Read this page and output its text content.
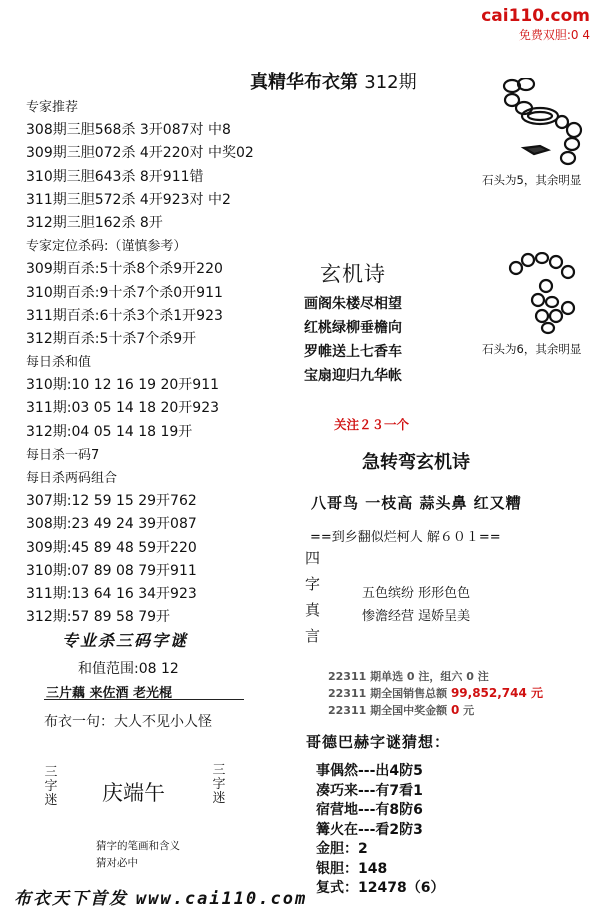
cai110.com
免费双胆:0 4
真精华布衣第 312期
专家推荐
308期三胆568杀 3开087对 中8
309期三胆072杀 4开220对 中奖02
310期三胆643杀 8开911错
311期三胆572杀 4开923对 中2
312期三胆162杀 8开
专家定位杀码:（谨慎参考）
309期百杀:5十杀8个杀9开220
310期百杀:9十杀7个杀0开911
311期百杀:6十杀3个杀1开923
312期百杀:5十杀7个杀9开
每日杀和值
310期:10 12 16 19 20开911
311期:03 05 14 18 20开923
312期:04 05 14 18 19开
每日杀一码7
每日杀两码组合
307期:12 59 15 29开762
308期:23 49 24 39开087
309期:45 89 48 59开220
310期:07 89 08 79开911
311期:13 64 16 34开923
312期:57 89 58 79开
石头为5，其余明显
石头为6，其余明显
玄机诗
画阁朱楼尽相望
红桃绿柳垂檐向
罗帷送上七香车
宝扇迎归九华帐
关注２３一个
急转弯玄机诗
八哥鸟 一枝高 蒜头鼻 红又糟
==到乡翻似烂柯人 解６０１==
四
字
真
言
五色缤纷 形形色色
惨澹经营 逞娇呈美
22311 期单选 0 注，组六 0 注
22311 期全国销售总额 99,852,744 元
22311 期全国中奖金额 0 元
哥德巴赫字谜猜想：
事偶然---出4防5
凑巧来---有7看1
宿营地---有8防6
篝火在---看2防3
金胆：2
银胆：148
复式：12478（6）
专业杀三码字谜
和值范围:08 12
三片藕 来佐酒 老光棍
布衣一句：大人不见小人怪
三字迷 庆端午
三字迷
猜字的笔画和含义
猜对必中
布衣天下首发 www.cai110.com
